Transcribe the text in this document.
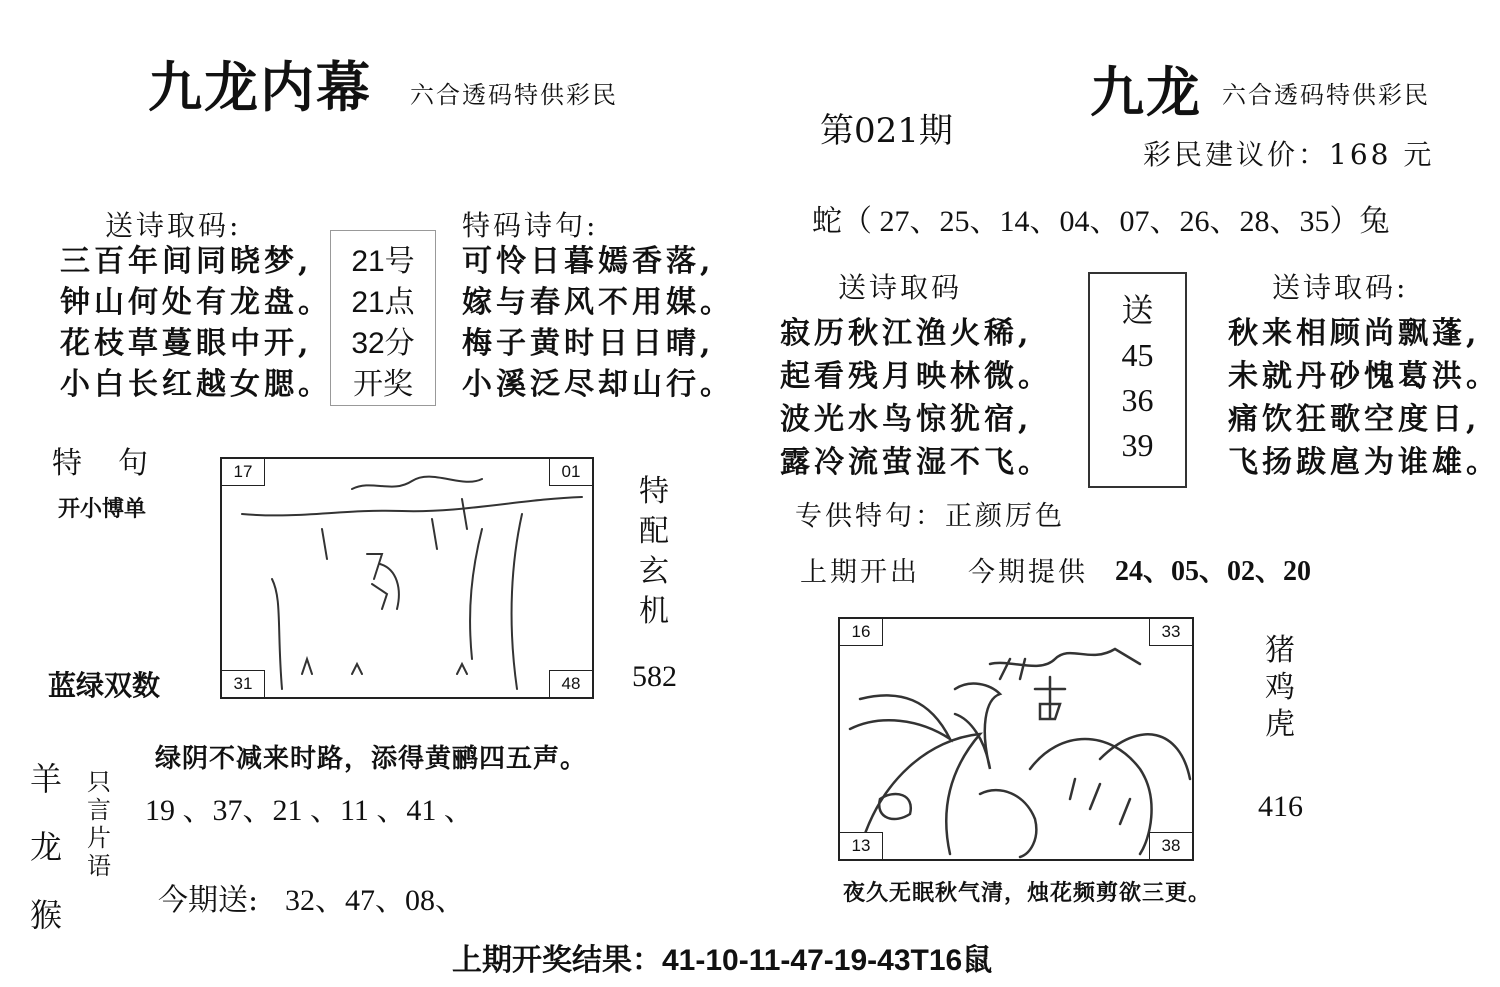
九龙内幕 六合透码特供彩民
送诗取码:
三百年间同晓梦,
钟山何处有龙盘。
花枝草蔓眼中开,
小白长红越女腮。
21号
21点
32分
开奖
特码诗句:
可怜日暮嫣香落,
嫁与春风不用媒。
梅子黄时日日晴,
小溪泛尽却山行。
特　句
开小博单
蓝绿双数
17	01
31	48
特配玄机
582
绿阴不减来时路，添得黄鹂四五声。
羊
龙
猴
只
言
片
语
19 、37、21 、11 、41 、
今期送: 32、47、08、
第021期
九龙 六合透码特供彩民
彩民建议价：168 元
蛇（ 27、25、14、04、07、26、28、35）兔
送诗取码
寂历秋江渔火稀,
起看残月映林微。
波光水鸟惊犹宿,
露冷流萤湿不飞。
送
45
36
39
送诗取码:
秋来相顾尚飘蓬,
未就丹砂愧葛洪。
痛饮狂歌空度日,
飞扬跋扈为谁雄。
专供特句：正颜厉色
上期开出 今期提供 24、05、02、20
16	33
13	38
猪
鸡
虎
416
夜久无眠秋气清，烛花频剪欲三更。
上期开奖结果：41-10-11-47-19-43T16鼠
